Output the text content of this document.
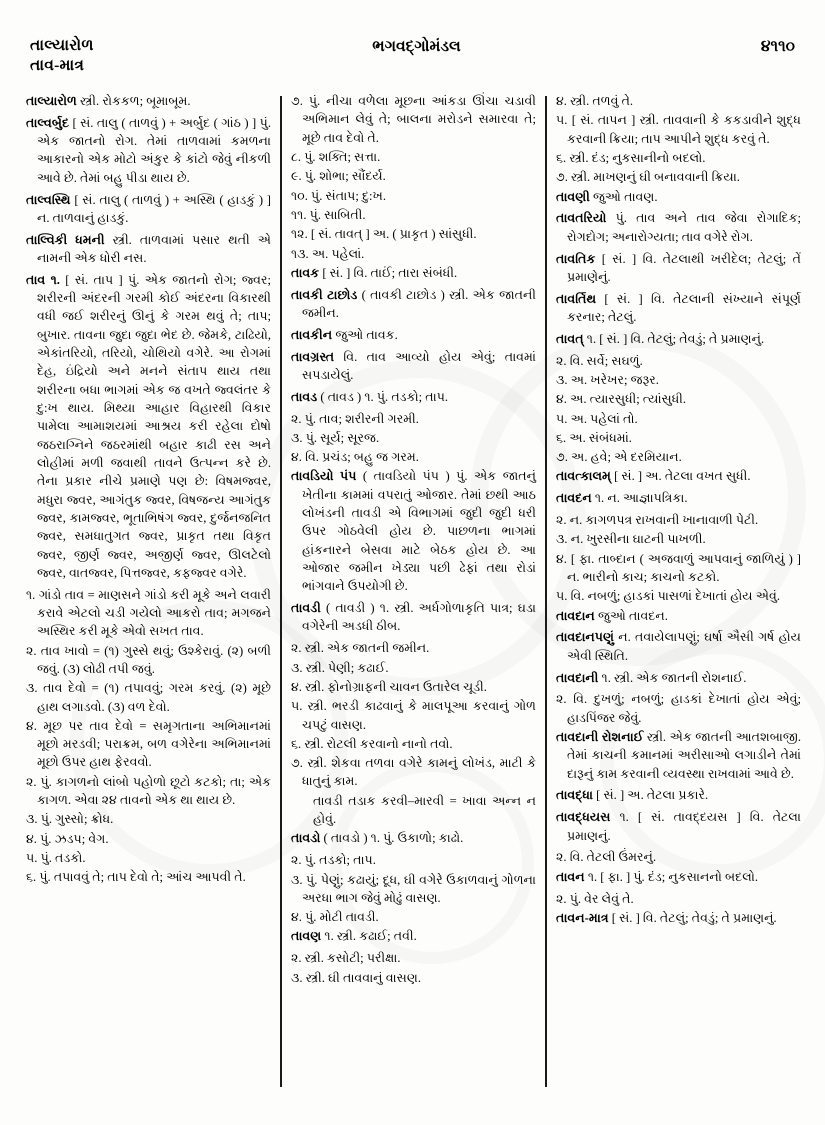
તાલ્યારોળ
તાવ-માત્ર
ભગવદ્ગોમંડલ	૪૧૧૦

તાલ્યારોળ સ્ત્રી. રોકકળ; બૂમાબૂમ.

તાલ્વર્બુદ [ સં. તાલુ ( તાળવું ) + અર્બુદ ( ગાંઠ ) ] પું. એક જાતનો રોગ. તેમાં તાળવામાં કમળના આકારનો એક મોટો અંકુર કે કાંટો જેવું નીકળી આવે છે. તેમાં બહુ પીડા થાય છે.

તાલ્વસ્થિ [ સં. તાલુ ( તાળવું ) + અસ્થિ ( હાડકું ) ] ન. તાળવાનું હાડકું.

તાલ્વિકી ધમની સ્ત્રી. તાળવામાં પસાર થતી એ નામની એક ધોરી નસ.

તાવ ૧. [ સં. તાપ ] પું. એક જાતનો રોગ; જ્વર; શરીરની અંદરની ગરમી કોઈ અંદરના વિકારથી વધી જઈ શરીરનું ઊનું કે ગરમ થવું તે; તાપ; બુખાર. તાવના જુદા જુદા ભેદ છે. જેમકે, ટાઢિયો, એકાંતરિયો, તરિયો, ચોથિયો વગેરે. આ રોગમાં દેહ, ઇંદ્રિયો અને મનને સંતાપ થાય તથા શરીરના બધા ભાગમાં એક જ વખતે જ્વલંતર કે દુ:ખ થાય. મિથ્યા આહાર વિહારથી વિકાર પામેલા આમાશયમાં આશ્રય કરી રહેલા દોષો જઠરાગ્નિને જઠરમાંથી બહાર કાઢી રસ અને લોહીમાં મળી જવાથી તાવને ઉત્પન્ન કરે છે. તેના પ્રકાર નીચે પ્રમાણે પણ છે: વિષમજ્વર, મધુરા જ્વર, આગંતુક જ્વર, વિષજન્ય આગંતુક જ્વર, કામજ્વર, ભૂતાભિષંગ જ્વર, દુર્જનજનિત જ્વર, સમધાતુગત જ્વર, પ્રાકૃત તથા વિકૃત જ્વર, જીર્ણ જ્વર, અજીર્ણ જ્વર, ઊલટેલો જ્વર, વાતજ્વર, પિત્તજ્વર, કફજ્વર વગેરે.

૧. ગાંડો તાવ = માણસને ગાંડો કરી મૂકે અને લવારી કરાવે એટલો ચડી ગયેલો આકરો તાવ; મગજને અસ્થિર કરી મૂકે એવો સખત તાવ.

૨. તાવ ખાવો = (૧) ગુસ્સે થવું; ઉશ્કેરાવું. (૨) બળી જવું. (૩) લોઢી તપી જવું.

૩. તાવ દેવો = (૧) તપાવવું; ગરમ કરવું. (૨) મૂછે હાથ લગાડવો. (૩) વળ દેવો.

૪. મૂછ પર તાવ દેવો = સમૃગતાના અભિમાનમાં મૂછો મરડવી; પરાક્રમ, બળ વગેરેના અભિમાનમાં મૂછો ઉપર હાથ ફેરવવો.

૨. પું. કાગળનો લાંબો પહોળો છૂટો કટકો; તા; એક કાગળ. એવા ૨૪ તાવનો એક થા થાય છે.

૩. પું. ગુસ્સો; ક્રોધ.

૪. પું. ઝડપ; વેગ.

૫. પું. તડકો.

૬. પું. તપાવવું તે; તાપ દેવો તે; આંચ આપવી તે.

૭. પું. નીચા વળેલા મૂછના આંકડા ઊંચા ચડાવી અભિમાન લેવું તે; બાલના મરોડને સમારવા તે; મૂછે તાવ દેવો તે.

૮. પું. શક્તિ; સત્તા.

૯. પું. શોભા; સૌંદર્ય.

૧૦. પું. સંતાપ; દુ:ખ.

૧૧. પું. સાબિતી.

૧૨. [ સં. તાવત્ ] અ. ( પ્રાકૃત ) સાંસુધી.

૧૩. અ. પહેલાં.

તાવક [ સં. ] વિ. તાઈં; તારા સંબંધી.

તાવકી ટાછોડ ( તાવકી ટાછોડ ) સ્ત્રી. એક જાતની જમીન.

તાવકીન જુઓ તાવક.

તાવગ્રસ્ત વિ. તાવ આવ્યો હોય એવું; તાવમાં સપડાયેલું.

તાવડ ( તાવડ ) ૧. પું. તડકો; તાપ.

૨. પું. તાવ; શરીરની ગરમી.

૩. પું. સૂર્ય; સૂરજ.

૪. વિ. પ્રચંડ; બહુ જ ગરમ.

તાવડિયો પંપ ( તાવડિયો પંપ ) પું. એક જાતનું ખેતીના કામમાં વપરાતું ઓજાર. તેમાં છથી આઠ લોખંડની તાવડી એ વિભાગમાં જુદી જુદી ધરી ઉપર ગોઠવેલી હોય છે. પાછળના ભાગમાં હાંકનારને બેસવા માટે બેઠક હોય છે. આ ઓજાર જમીન ખેડ્યા પછી ઢેફાં તથા રોડાં ભાંગવાને ઉપયોગી છે.

તાવડી ( તાવડી ) ૧. સ્ત્રી. અર્ધગોળાકૃતિ પાત્ર; ઘડા વગેરેની અડધી ઠીબ.

૨. સ્ત્રી. એક જાતની જમીન.

૩. સ્ત્રી. પેણી; કઢાઈ.

૪. સ્ત્રી. ફોનોગ્રાફની ચાવન ઉતારેલ ચૂડી.

૫. સ્ત્રી. ભરડી કાઢવાનું કે માલપૂઆ કરવાનું ગોળ ચપટું વાસણ.

૬. સ્ત્રી. રોટલી કરવાનો નાનો તવો.

૭. સ્ત્રી. શેકવા તળવા વગેરે કામનું લોખંડ, માટી કે ધાતુનું કામ.

તાવડી તડાક કરવી–મારવી = ખાવા અન્ન ન હોવું.

તાવડો ( તાવડો ) ૧. પું. ઉકાળો; કાઢો.

૨. પું. તડકો; તાપ.

૩. પું. પેણું; કઢાયું; દૂધ, ઘી વગેરે ઉકાળવાનું ગોળના અરધા ભાગ જેવું મોઢું વાસણ.

૪. પું. મોટી તાવડી.

તાવણ ૧. સ્ત્રી. કઢાઈ; તવી.

૨. સ્ત્રી. કસોટી; પરીક્ષા.

૩. સ્ત્રી. ઘી તાવવાનું વાસણ.

૪. સ્ત્રી. તળવું તે.

૫. [ સં. તાપન ] સ્ત્રી. તાવવાની કે કકડાવીને શુદ્ધ કરવાની ક્રિયા; તાપ આપીને શુદ્ધ કરવું તે.

૬. સ્ત્રી. દંડ; નુકસાનીનો બદલો.

૭. સ્ત્રી. માખણનું ઘી બનાવવાની ક્રિયા.

તાવણી જુઓ તાવણ.

તાવતરિયો પું. તાવ અને તાવ જેવા રોગાદિક; રોગદોગ; અનારોગ્યતા; તાવ વગેરે રોગ.

તાવતિક [ સં. ] વિ. તેટલાથી ખરીદેલ; તેટલું; તેં પ્રમાણેનું.

તાવર્તિથ [ સં. ] વિ. તેટલાની સંખ્યાને સંપૂર્ણ કરનાર; તેટલું.

તાવત્ ૧. [ સં. ] વિ. તેટલું; તેવડું; તે પ્રમાણનું.

૨. વિ. સર્વે; સઘળું.

૩. અ. ખરેખર; જરૂર.

૪. અ. ત્યારસુધી; ત્યાંસુધી.

૫. અ. પહેલાં તો.

૬. અ. સંબંધમાં.

૭. અ. હવે; એ દરમિયાન.

તાવત્કાલમ્ [ સં. ] અ. તેટલા વખત સુધી.

તાવદન ૧. ન. આજ્ઞાપત્રિકા.

૨. ન. કાગળપત્ર રાખવાની ખાનાવાળી પેટી.

૩. ન. ખુરસીના ઘાટની પાખળી.

૪. [ ફા. તાબ્દાન ( અજવાળું આપવાનું જાળિયું ) ] ન. ભારીનો કાચ; કાચનો કટકો.

૫. વિ. નબળું; હાડકાં પાસળાં દેખાતાં હોય એવું.

તાવદાન જુઓ તાવદન.

તાવદાનપણું ન. તવાયેલાપણું; ઘર્ષા ઐસી ગર્ષ હોય એવી સ્થિતિ.

તાવદાની ૧. સ્ત્રી. એક જાતની રોશનાઈ.

૨. વિ. દુખળું; નબળું; હાડકાં દેખાતાં હોય એવું; હાડપિંજર જેવું.

તાવદાની રોશનાઈ સ્ત્રી. એક જાતની આતશબાજી. તેમાં કાચની કમાનમાં અરીસાઓ લગાડીને તેમાં દારૂનું કામ કરવાની વ્યવસ્થા રાખવામાં આવે છે.

તાવદ્ધા [ સં. ] અ. તેટલા પ્રકારે.

તાવદ્ધયસ ૧. [ સં. તાવદ્દયસ ] વિ. તેટલા પ્રમાણનું.

૨. વિ. તેટલી ઉંમરનું.

તાવન ૧. [ ફા. ] પું. દંડ; નુકસાનનો બદલો.

૨. પું. વેર લેવું તે.

તાવન-માત્ર [ સં. ] વિ. તેટલું; તેવડું; તે પ્રમાણનું.
